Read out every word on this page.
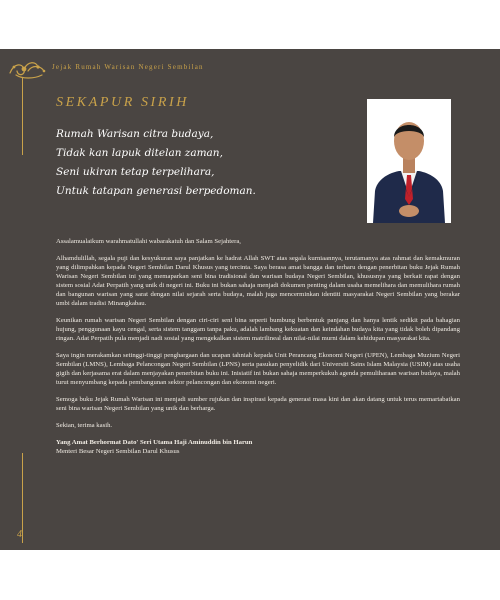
Jejak Rumah Warisan Negeri Sembilan
SEKAPUR SIRIH
Rumah Warisan citra budaya,
Tidak kan lapuk ditelan zaman,
Seni ukiran tetap terpelihara,
Untuk tatapan generasi berpedoman.

Assalamualaikum warahmatullahi wabarakatuh dan Salam Sejahtera,

Alhamdulillah, segala puji dan kesyukuran saya panjatkan ke hadrat Allah SWT atas segala kurniaannya, terutamanya atas rahmat dan kemakmuran yang dilimpahkan kepada Negeri Sembilan Darul Khusus yang tercinta. Saya berasa amat bangga dan terharu dengan penerbitan buku Jejak Rumah Warisan Negeri Sembilan ini yang memaparkan seni bina tradisional dan warisan budaya Negeri Sembilan, khususnya yang berkait rapat dengan sistem sosial Adat Perpatih yang unik di negeri ini. Buku ini bukan sahaja menjadi dokumen penting dalam usaha memelihara dan memulihara rumah dan bangunan warisan yang sarat dengan nilai sejarah serta budaya, malah juga mencerminkan identiti masyarakat Negeri Sembilan yang berakar umbi dalam tradisi Minangkabau.

Keunikan rumah warisan Negeri Sembilan dengan ciri-ciri seni bina seperti bumbung berbentuk panjang dan hanya lentik sedikit pada bahagian hujung, penggunaan kayu cengal, serta sistem tanggam tanpa paku, adalah lambang kekuatan dan keindahan budaya kita yang tidak boleh dipandang ringan. Adat Perpatih pula menjadi nadi sosial yang mengekalkan sistem matrilineal dan nilai-nilai murni dalam kehidupan masyarakat kita.

Saya ingin merakamkan setinggi-tinggi penghargaan dan ucapan tahniah kepada Unit Perancang Ekonomi Negeri (UPEN), Lembaga Muzium Negeri Sembilan (LMNS), Lembaga Pelancongan Negeri Sembilan (LPNS) serta pasukan penyelidik dari Universiti Sains Islam Malaysia (USIM) atas usaha gigih dan kerjasama erat dalam menjayakan penerbitan buku ini. Inisiatif ini bukan sahaja memperkukuh agenda pemuliharaan warisan budaya, malah turut menyumbang kepada pembangunan sektor pelancongan dan ekonomi negeri.

Semoga buku Jejak Rumah Warisan ini menjadi sumber rujukan dan inspirasi kepada generasi masa kini dan akan datang untuk terus memartabatkan seni bina warisan Negeri Sembilan yang unik dan berharga.

Sekian, terima kasih.

Yang Amat Berhormat Dato' Seri Utama Haji Aminuddin bin Harun

Menteri Besar Negeri Sembilan Darul Khusus

4
